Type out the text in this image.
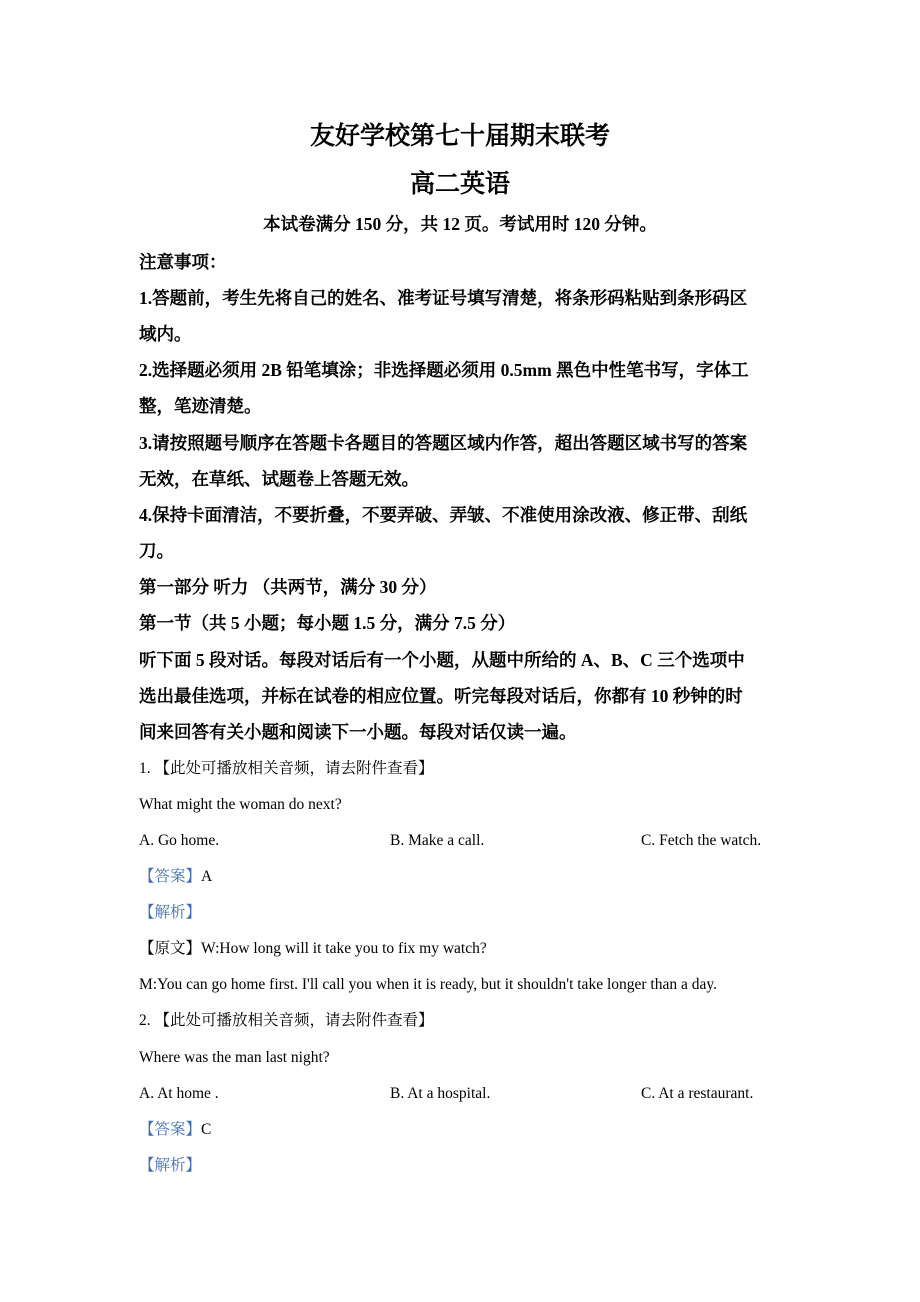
友好学校第七十届期末联考
高二英语
本试卷满分 150 分，共 12 页。考试用时 120 分钟。
注意事项：
1.答题前，考生先将自己的姓名、准考证号填写清楚，将条形码粘贴到条形码区
域内。
2.选择题必须用 2B 铅笔填涂；非选择题必须用 0.5mm 黑色中性笔书写，字体工
整，笔迹清楚。
3.请按照题号顺序在答题卡各题目的答题区域内作答，超出答题区域书写的答案
无效，在草纸、试题卷上答题无效。
4.保持卡面清洁，不要折叠，不要弄破、弄皱、不准使用涂改液、修正带、刮纸
刀。
第一部分 听力 （共两节，满分 30 分）
第一节（共 5 小题；每小题 1.5 分，满分 7.5 分）
听下面 5 段对话。每段对话后有一个小题，从题中所给的 A、B、C 三个选项中
选出最佳选项，并标在试卷的相应位置。听完每段对话后，你都有 10 秒钟的时
间来回答有关小题和阅读下一小题。每段对话仅读一遍。
1. 【此处可播放相关音频，请去附件查看】
What might the woman do next?
A. Go home.	B. Make a call.	C. Fetch the watch.
【答案】A
【解析】
【原文】W:How long will it take you to fix my watch?
M:You can go home first. I'll call you when it is ready, but it shouldn't take longer than a day.
2. 【此处可播放相关音频，请去附件查看】
Where was the man last night?
A. At home .	B. At a hospital.	C. At a restaurant.
【答案】C
【解析】
